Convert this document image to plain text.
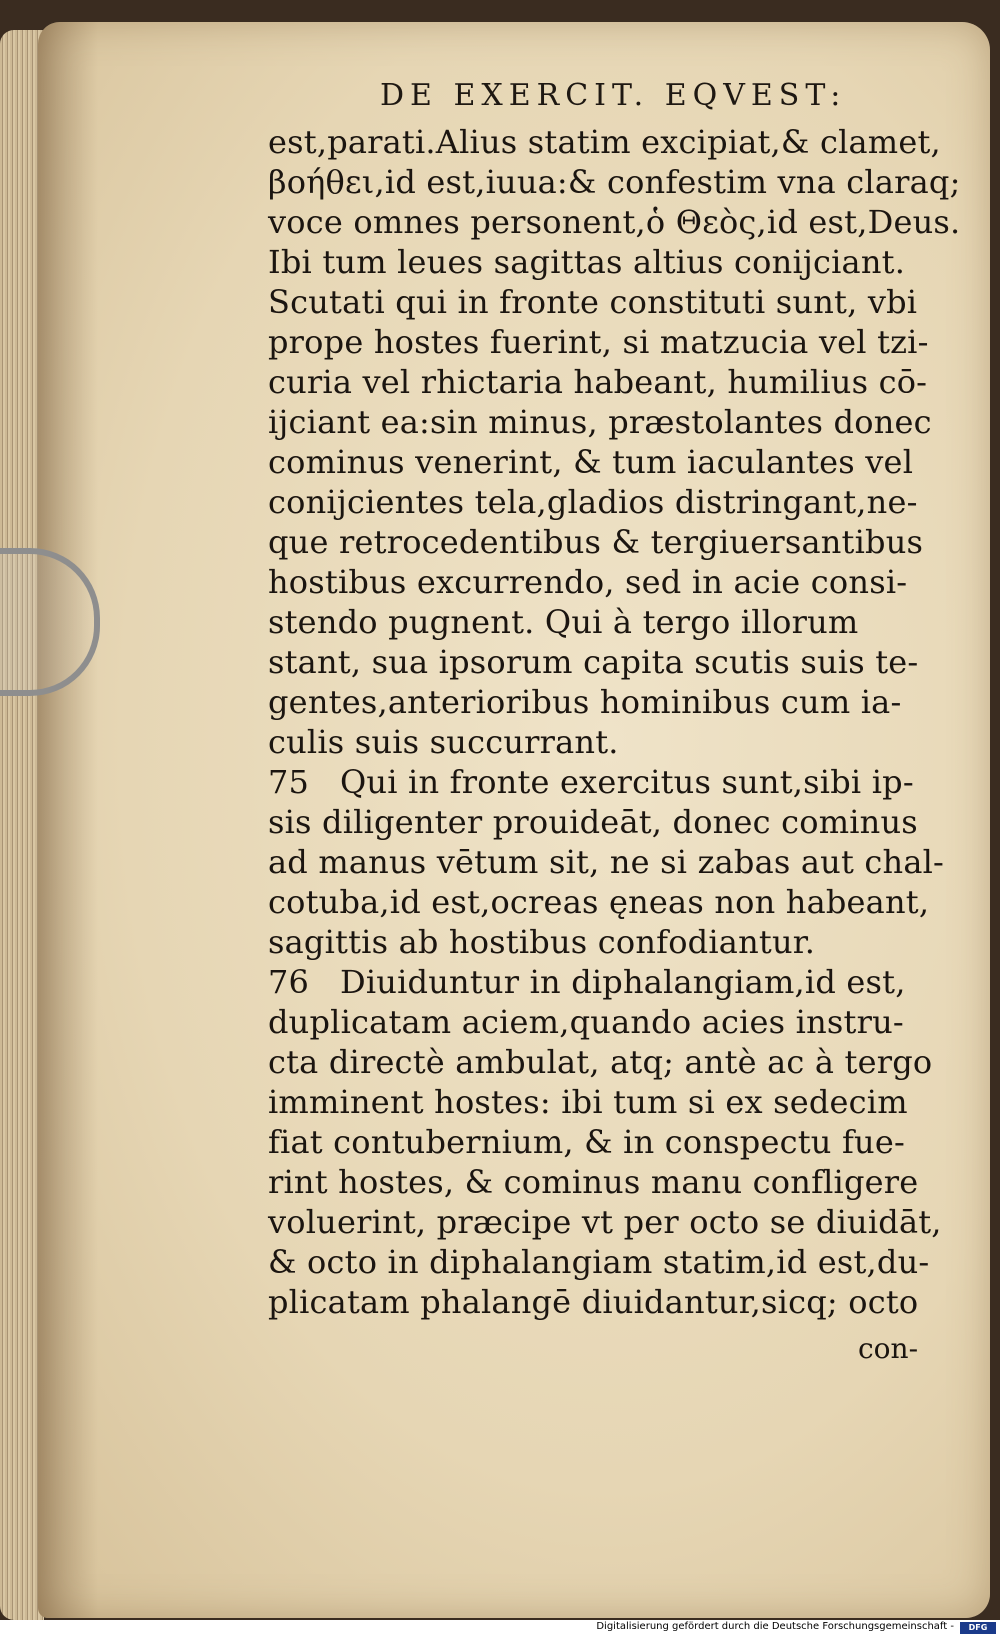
DE EXERCIT. EQVEST:
est,parati.Alius statim excipiat,& clamet,
βοήθει,id est,iuua:& confestim vna claraq;
voce omnes personent,ὁ Θεὸς,id est,Deus.
Ibi tum leues sagittas altius conijciant.
Scutati qui in fronte constituti sunt, vbi
prope hostes fuerint, si matzucia vel tzi-
curia vel rhictaria habeant, humilius cō-
ijciant ea:sin minus, præstolantes donec
cominus venerint, & tum iaculantes vel
conijcientes tela,gladios distringant,ne-
que retrocedentibus & tergiuersantibus
hostibus excurrendo, sed in acie consi-
stendo pugnent. Qui à tergo illorum
stant, sua ipsorum capita scutis suis te-
gentes,anterioribus hominibus cum ia-
culis suis succurrant.
75 Qui in fronte exercitus sunt,sibi ip-
sis diligenter prouideāt, donec cominus
ad manus vētum sit, ne si zabas aut chal-
cotuba,id est,ocreas ęneas non habeant,
sagittis ab hostibus confodiantur.
76 Diuiduntur in diphalangiam,id est,
duplicatam aciem,quando acies instru-
cta directè ambulat, atq; antè ac à tergo
imminent hostes: ibi tum si ex sedecim
fiat contubernium, & in conspectu fue-
rint hostes, & cominus manu confligere
voluerint, præcipe vt per octo se diuidāt,
& octo in diphalangiam statim,id est,du-
plicatam phalangē diuidantur,sicq; octo
con-
Digitalisierung gefördert durch die Deutsche Forschungsgemeinschaft -	DFG
